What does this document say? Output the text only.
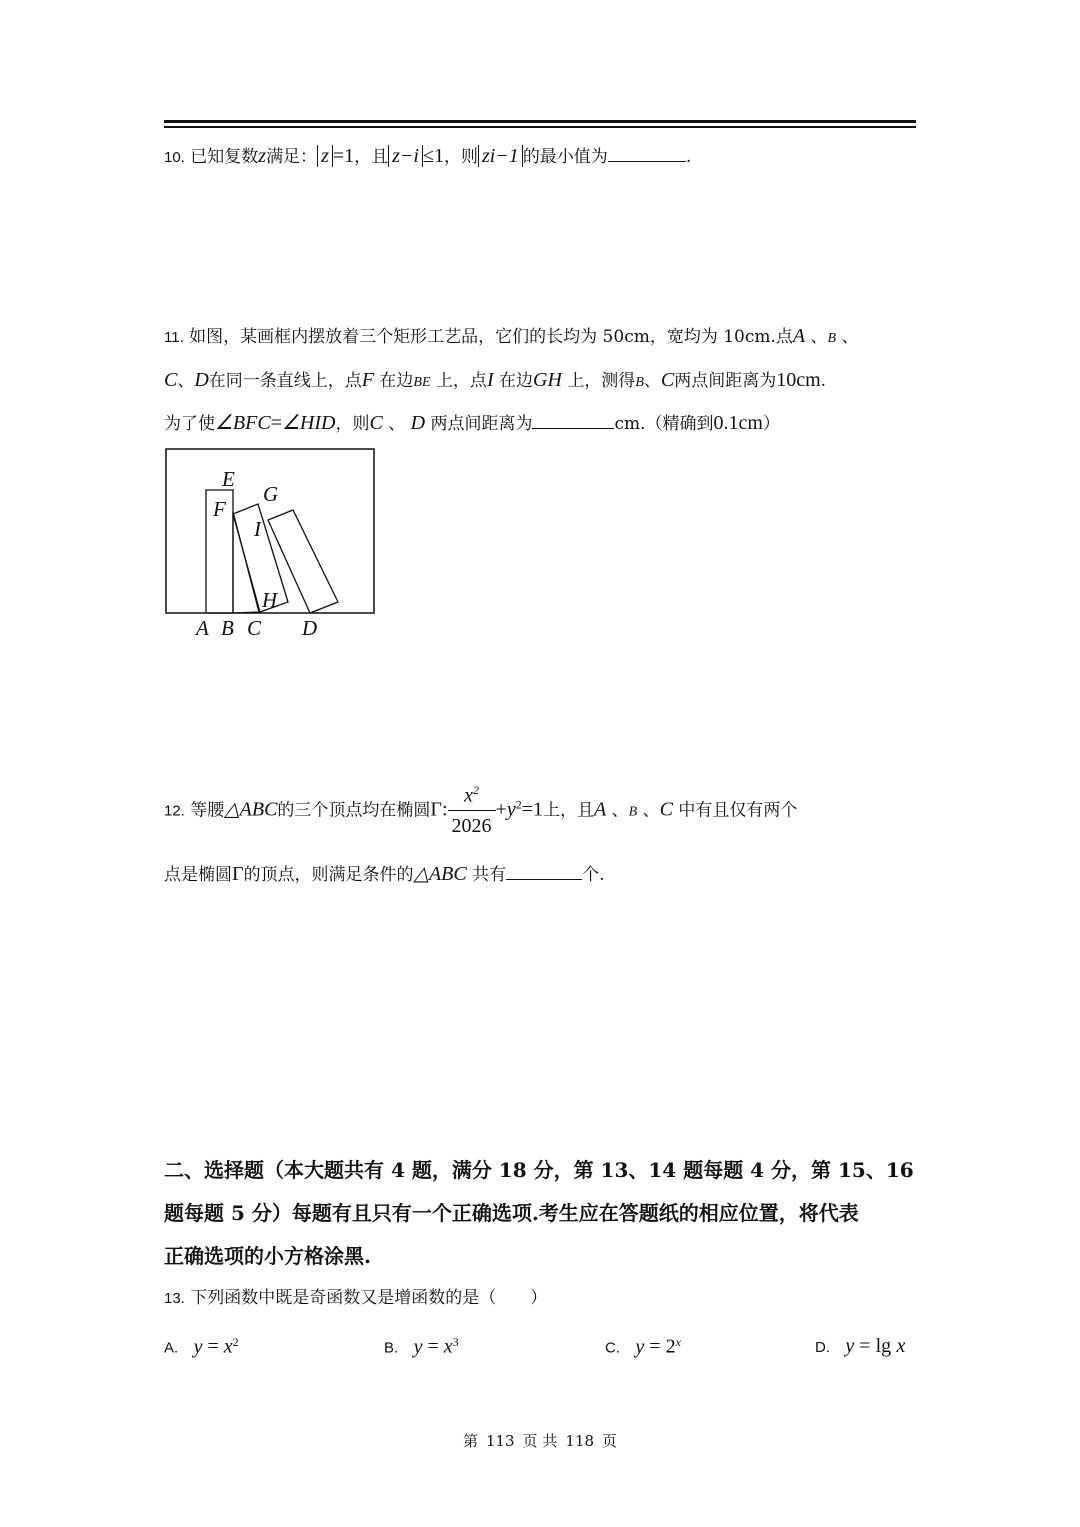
10. 已知复数z满足： z =1，且 z−i ≤1，则 zi−1 的最小值为	.
11. 如图，某画框内摆放着三个矩形工艺品，它们的长均为 50cm，宽均为 10cm.点A 、B 、
C、D在同一条直线上，点F 在边BE 上，点I 在边GH 上，测得B、C两点间距离为10cm.
为了使∠BFC=∠HID，则C 、 D 两点间距离为	cm.（精确到0.1cm）
A B C D
E
F
G
H
I
12. 等腰△ABC的三个顶点均在椭圆Γ: $\frac{x^2}{2026} +y^2=1$上，且A 、B 、C 中有且仅有两个
点是椭圆Γ的顶点，则满足条件的△ABC 共有	个.
二、选择题（本大题共有 4 题，满分 18 分，第 13、14 题每题 4 分，第 15、16
题每题 5 分）每题有且只有一个正确选项.考生应在答题纸的相应位置，将代表
正确选项的小方格涂黑.
13. 下列函数中既是奇函数又是增函数的是（　　）
A. $y = x^2$	B. $y = x^3$	C. $y = 2^x$	D. y = lg x
第 113 页 共 118 页
